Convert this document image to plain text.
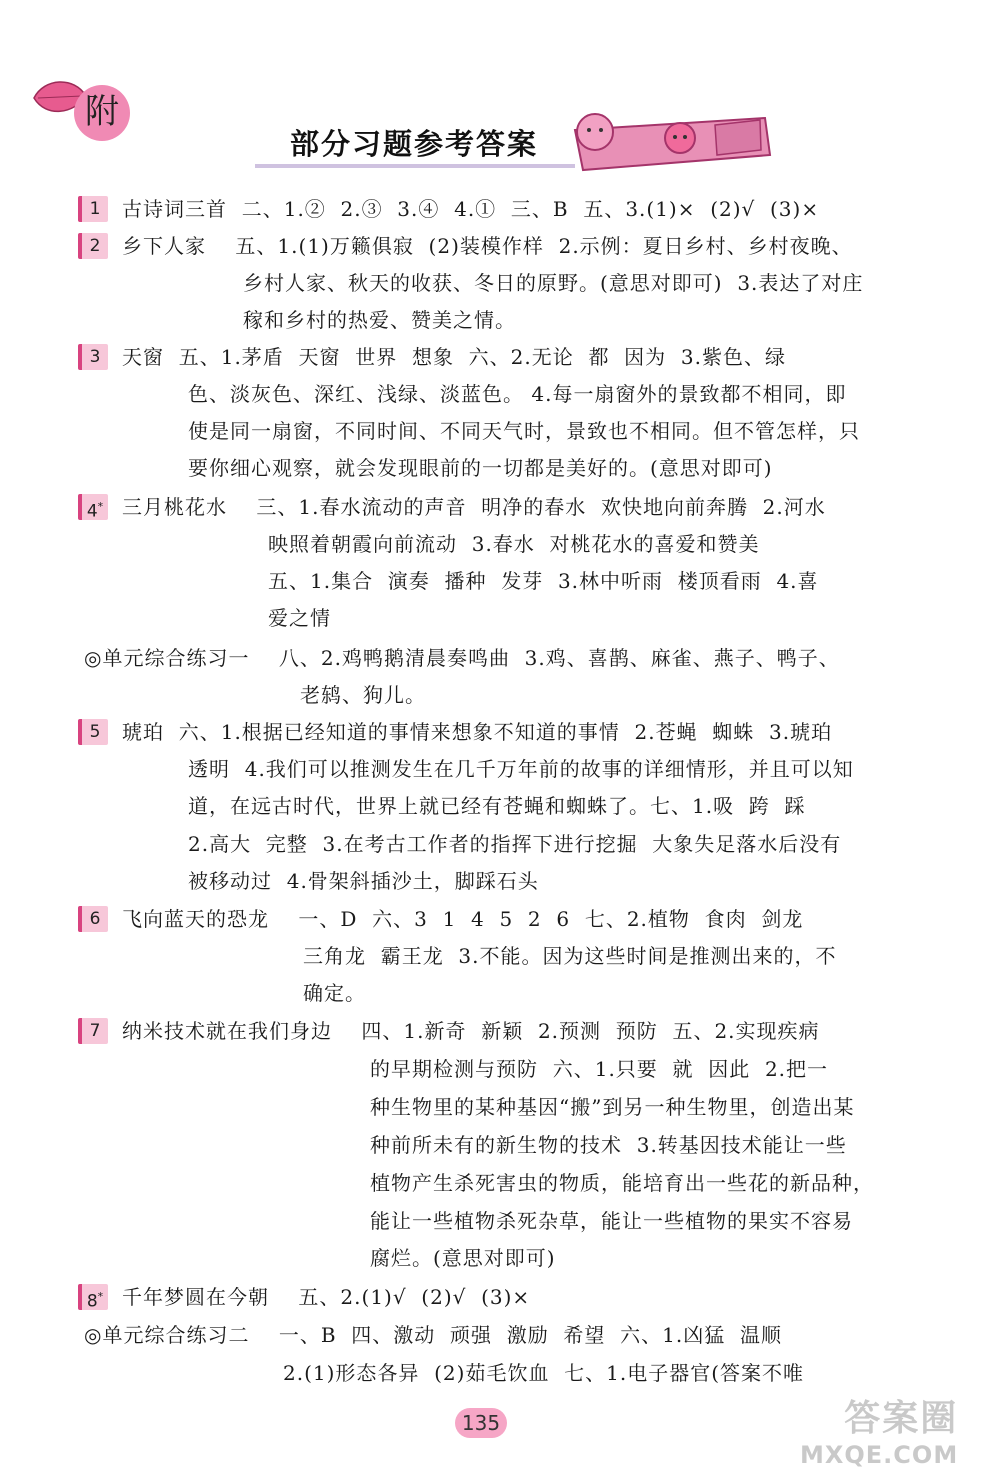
附
部分习题参考答案
1
2
3
4*
5
6
7
8*
古诗词三首  二、1.②  2.③  3.④  4.①  三、B  五、3.(1)×  (2)√  (3)×
乡下人家    五、1.(1)万籁俱寂  (2)装模作样  2.示例：夏日乡村、乡村夜晚、
乡村人家、秋天的收获、冬日的原野。(意思对即可)  3.表达了对庄
稼和乡村的热爱、赞美之情。
天窗  五、1.茅盾  天窗  世界  想象  六、2.无论  都  因为  3.紫色、绿
色、淡灰色、深红、浅绿、淡蓝色。 4.每一扇窗外的景致都不相同，即
使是同一扇窗，不同时间、不同天气时，景致也不相同。但不管怎样，只
要你细心观察，就会发现眼前的一切都是美好的。(意思对即可)
三月桃花水    三、1.春水流动的声音  明净的春水  欢快地向前奔腾  2.河水
映照着朝霞向前流动  3.春水  对桃花水的喜爱和赞美
五、1.集合  演奏  播种  发芽  3.林中听雨  楼顶看雨  4.喜
爱之情
◎单元综合练习一    八、2.鸡鸭鹅清晨奏鸣曲  3.鸡、喜鹊、麻雀、燕子、鸭子、
老鸫、狗儿。
琥珀  六、1.根据已经知道的事情来想象不知道的事情  2.苍蝇  蜘蛛  3.琥珀
透明  4.我们可以推测发生在几千万年前的故事的详细情形，并且可以知
道，在远古时代，世界上就已经有苍蝇和蜘蛛了。七、1.吸  跨  踩
2.高大  完整  3.在考古工作者的指挥下进行挖掘  大象失足落水后没有
被移动过  4.骨架斜插沙土，脚踩石头
飞向蓝天的恐龙    一、D  六、3  1  4  5  2  6  七、2.植物  食肉  剑龙
三角龙  霸王龙  3.不能。因为这些时间是推测出来的，不
确定。
纳米技术就在我们身边    四、1.新奇  新颖  2.预测  预防  五、2.实现疾病
的早期检测与预防  六、1.只要  就  因此  2.把一
种生物里的某种基因“搬”到另一种生物里，创造出某
种前所未有的新生物的技术  3.转基因技术能让一些
植物产生杀死害虫的物质，能培育出一些花的新品种，
能让一些植物杀死杂草，能让一些植物的果实不容易
腐烂。(意思对即可)
千年梦圆在今朝    五、2.(1)√  (2)√  (3)×
◎单元综合练习二    一、B  四、激动  顽强  激励  希望  六、1.凶猛  温顺
2.(1)形态各异  (2)茹毛饮血  七、1.电子器官(答案不唯
135	答案圈
MXQE.COM
